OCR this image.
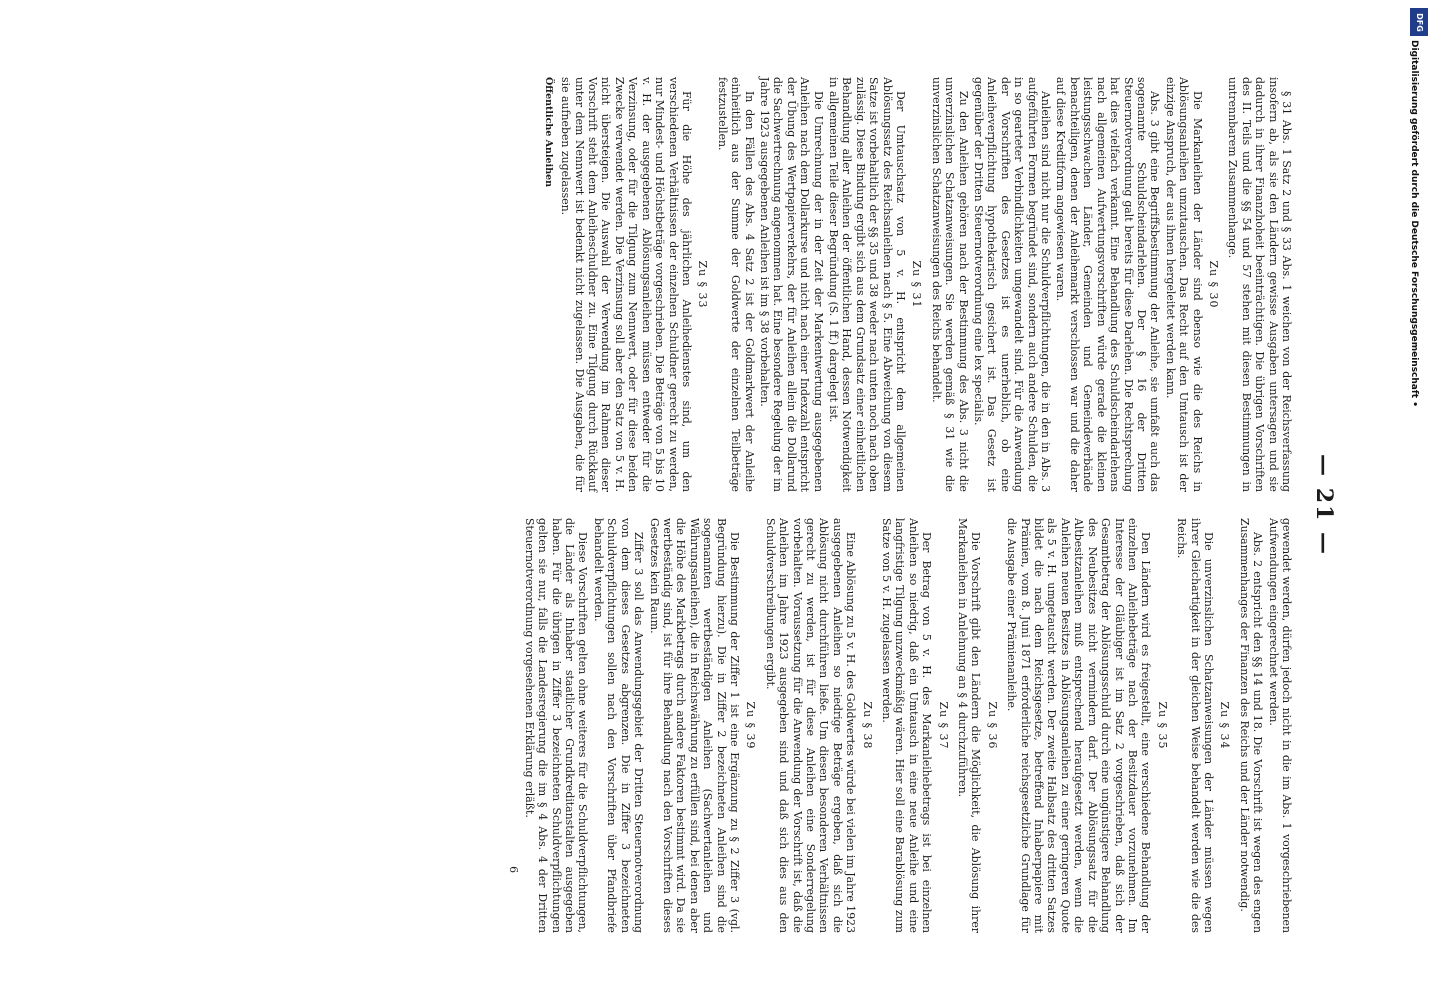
— 21 —

§ 31 Abs. 1 Satz 2 und § 33 Abs. 1 weichen von der Reichsverfassung insofern ab, als sie den Ländern gewisse Ausgaben untersagen und sie dadurch in ihrer Finanzhoheit beeinträchtigen. Die übrigen Vorschriften des II. Teils und die §§ 54 und 57 stehen mit diesen Bestimmungen in untrennbarem Zusammenhange.

Zu § 30

Die Markanleihen der Länder sind ebenso wie die des Reichs in Ablösungsanleihen umzutauschen. Das Recht auf den Umtausch ist der einzige Anspruch, der aus ihnen hergeleitet werden kann.

Abs. 3 gibt eine Begriffsbestimmung der Anleihe, sie umfaßt auch das sogenannte Schuldscheindarlehen. Der § 16 der Dritten Steuernotverordnung galt bereits für diese Darlehen. Die Rechtsprechung hat dies vielfach verkannt. Eine Behandlung des Schuldscheindarlehens nach allgemeinen Aufwertungsvorschriften würde gerade die kleinen leistungsschwachen Länder, Gemeinden und Gemeindeverbände benachteiligen, denen der Anleihemarkt verschlossen war und die daher auf diese Kreditform angewiesen waren.

Anleihen sind nicht nur die Schuldverpflichtungen, die in den in Abs. 3 aufgeführten Formen begründet sind, sondern auch andere Schulden, die in so gearteter Verbindlichkeiten umgewandelt sind. Für die Anwendung der Vorschriften des Gesetzes ist es unerheblich, ob eine Anleiheverpflichtung hypothekarisch gesichert ist. Das Gesetz ist gegenüber der Dritten Steuernotverordnung eine lex specialis.

Zu den Anleihen gehören nach der Bestimmung des Abs. 3 nicht die unverzinslichen Schatzanweisungen. Sie werden gemäß § 31 wie die unverzinslichen Schatzanweisungen des Reichs behandelt.

Zu § 31

Der Umtauschsatz von 5 v. H. entspricht dem allgemeinen Ablösungssatz des Reichsanleihen nach § 5. Eine Abweichung von diesem Satze ist vorbehaltlich der §§ 35 und 38 weder nach unten noch nach oben zulässig. Diese Bindung ergibt sich aus dem Grundsatz einer einheitlichen Behandlung aller Anleihen der öffentlichen Hand, dessen Notwendigkeit in allgemeinen Teile dieser Begründung (S. 1 ff.) dargelegt ist.

Die Umrechnung der in der Zeit der Markentwertung ausgegebenen Anleihen nach dem Dollarkurse und nicht nach einer Indexzahl entspricht der Übung des Wertpapierverkehrs, der für Anleihen allein die Dollarund die Sachwertrechnung angenommen hat. Eine besondere Regelung der im Jahre 1923 ausgegebenen Anleihen ist im § 38 vorbehalten.

In den Fällen des Abs. 4 Satz 2 ist der Goldmarkwert der Anleihe einheitlich aus der Summe der Goldwerte der einzelnen Teilbeträge festzustellen.

Zu § 33

Für die Höhe des jährlichen Anleihedienstes sind, um den verschiedenen Verhältnissen der einzelnen Schuldner gerecht zu werden, nur Mindest- und Höchstbeträge vorgeschrieben. Die Beträge von 5 bis 10 v. H. der ausgegebenen Ablösungsanleihen müssen entweder für die Verzinsung, oder für die Tilgung zum Nennwert, oder für diese beiden Zwecke verwendet werden. Die Verzinsung soll aber den Satz von 5 v. H. nicht übersteigen. Die Auswahl der Verwendung im Rahmen dieser Vorschrift steht dem Anleiheschuldner zu. Eine Tilgung durch Rückkauf unter dem Nennwert ist bedenkt nicht zugelassen. Die Ausgaben, die für sie aufneben zugelassen.

Öffentliche Anleihen

gewendet werden, dürfen jedoch nicht in die im Abs. 1 vorgeschriebenen Aufwendungen eingerechnet werden.

Abs. 2 entspricht den §§ 14 und 18. Die Vorschrift ist wegen des engen Zusammenhanges der Finanzen des Reichs und der Länder notwendig.

Zu § 34

Die unverzinslichen Schatzanweisungen der Länder müssen wegen ihrer Gleichartigkeit in der gleichen Weise behandelt werden wie die des Reichs.

Zu § 35

Den Ländern wird es freigestellt, eine verschiedene Behandlung der einzelnen Anleihebeträge nach der Besitzdauer vorzunehmen. Im Interesse der Gläubiger ist im Satz 2 vorgeschrieben, daß sich der Gesamtbetrag der Ablösungsschuld durch eine ungünstigere Behandlung des Neubesitzes nicht vermindern darf. Der Ablösungssatz für die Altbesitzanleihen muß entsprechend heraufgesetzt werden, wenn die Anleihen neuen Besitzes in Ablösungsanleihen zu einer geringeren Quote als 5 v. H. umgetauscht werden. Der zweite Halbsatz des dritten Satzes bildet die nach dem Reichsgesetze, betreffend Inhaberpapiere mit Prämien, vom 8. Juni 1871 erforderliche reichsgesetzliche Grundlage für die Ausgabe einer Prämienanleihe.

Zu § 36

Die Vorschrift gibt den Ländern die Möglichkeit, die Ablösung ihrer Markanleihen in Anlehnung an § 4 durchzuführen.

Zu § 37

Der Betrag von 5 v. H. des Markanleihebetrags ist bei einzelnen Anleihen so niedrig, daß ein Umtausch in eine neue Anleihe und eine langfristige Tilgung unzweckmäßig wären. Hier soll eine Barablösung zum Satze von 5 v. H. zugelassen werden.

Zu § 38

Eine Ablösung zu 5 v. H. des Goldwertes würde bei vielen im Jahre 1923 ausgegebenen Anleihen so niedrige Beträge ergeben, daß sich die Ablösung nicht durchführen ließe. Um diesen besonderen Verhältnissen gerecht zu werden, ist für diese Anleihen eine Sonderregelung vorbehalten. Voraussetzung für die Anwendung der Vorschrift ist, daß die Anleihen im Jahre 1923 ausgegeben sind und daß sich dies aus den Schuldverschreibungen ergibt.

Zu § 39

Die Bestimmung der Ziffer 1 ist eine Ergänzung zu § 2 Ziffer 3 (vgl. Begründung hierzu). Die in Ziffer 2 bezeichneten Anleihen sind die sogenannten wertbeständigen Anleihen (Sachwertanleihen und Währungsanleihen), die in Reichswährung zu erfüllen sind, bei denen aber die Höhe des Markbetrags durch andere Faktoren bestimmt wird. Da sie wertbeständig sind, ist für ihre Behandlung nach den Vorschriften dieses Gesetzes kein Raum.

Ziffer 3 soll das Anwendungsgebiet der Dritten Steuernotverordnung von dem dieses Gesetzes abgrenzen. Die in Ziffer 3 bezeichneten Schuldverpflichtungen sollen nach den Vorschriften über Pfandbriefe behandelt werden.

Diese Vorschriften gelten ohne weiteres für die Schuldverpflichtungen, die Länder als Inhaber staatlicher Grundkreditanstalten ausgegeben haben. Für die übrigen in Ziffer 3 bezeichneten Schuldverpflichtungen gelten sie nur, falls die Landesregierung die im § 4 Abs. 4 der Dritten Steuernotverordnung vorgesehenen Erklärung erläßt.

6
DFG
Digitalisierung gefördert durch die Deutsche Forschungsgemeinschaft •
